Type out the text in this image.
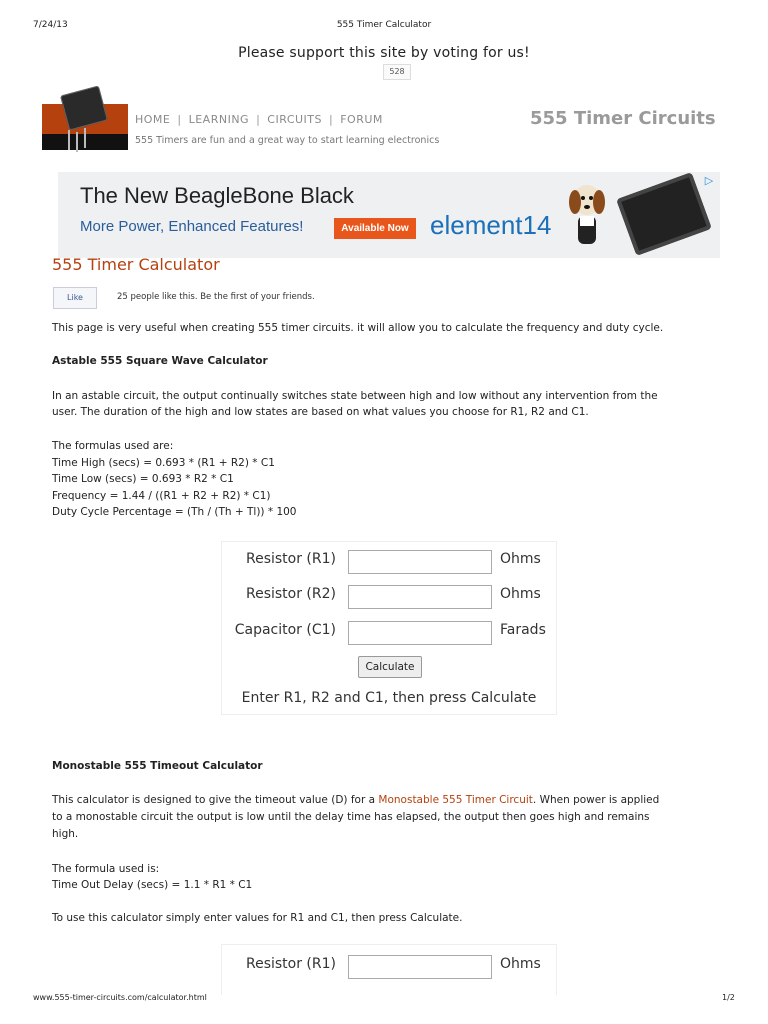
7/24/13	555 Timer Calculator
Please support this site by voting for us!
528
HOME | LEARNING | CIRCUITS | FORUM
555 Timers are fun and a great way to start learning electronics
555 Timer Circuits
The New BeagleBone Black
More Power, Enhanced Features!	Available Now element14
▷
555 Timer Calculator
Like	25 people like this. Be the first of your friends.
This page is very useful when creating 555 timer circuits. it will allow you to calculate the frequency and duty cycle.
Astable 555 Square Wave Calculator
In an astable circuit, the output continually switches state between high and low without any intervention from the
user. The duration of the high and low states are based on what values you choose for R1, R2 and C1.
The formulas used are:
Time High (secs) = 0.693 * (R1 + R2) * C1
Time Low (secs) = 0.693 * R2 * C1
Frequency = 1.44 / ((R1 + R2 + R2) * C1)
Duty Cycle Percentage = (Th / (Th + Tl)) * 100
Resistor (R1)	Ohms
Resistor (R2)	Ohms
Capacitor (C1)	Farads
Calculate
Enter R1, R2 and C1, then press Calculate
Monostable 555 Timeout Calculator
This calculator is designed to give the timeout value (D) for a Monostable 555 Timer Circuit. When power is applied
to a monostable circuit the output is low until the delay time has elapsed, the output then goes high and remains
high.
The formula used is:
Time Out Delay (secs) = 1.1 * R1 * C1
To use this calculator simply enter values for R1 and C1, then press Calculate.
Resistor (R1)	Ohms
www.555-timer-circuits.com/calculator.html	1/2
